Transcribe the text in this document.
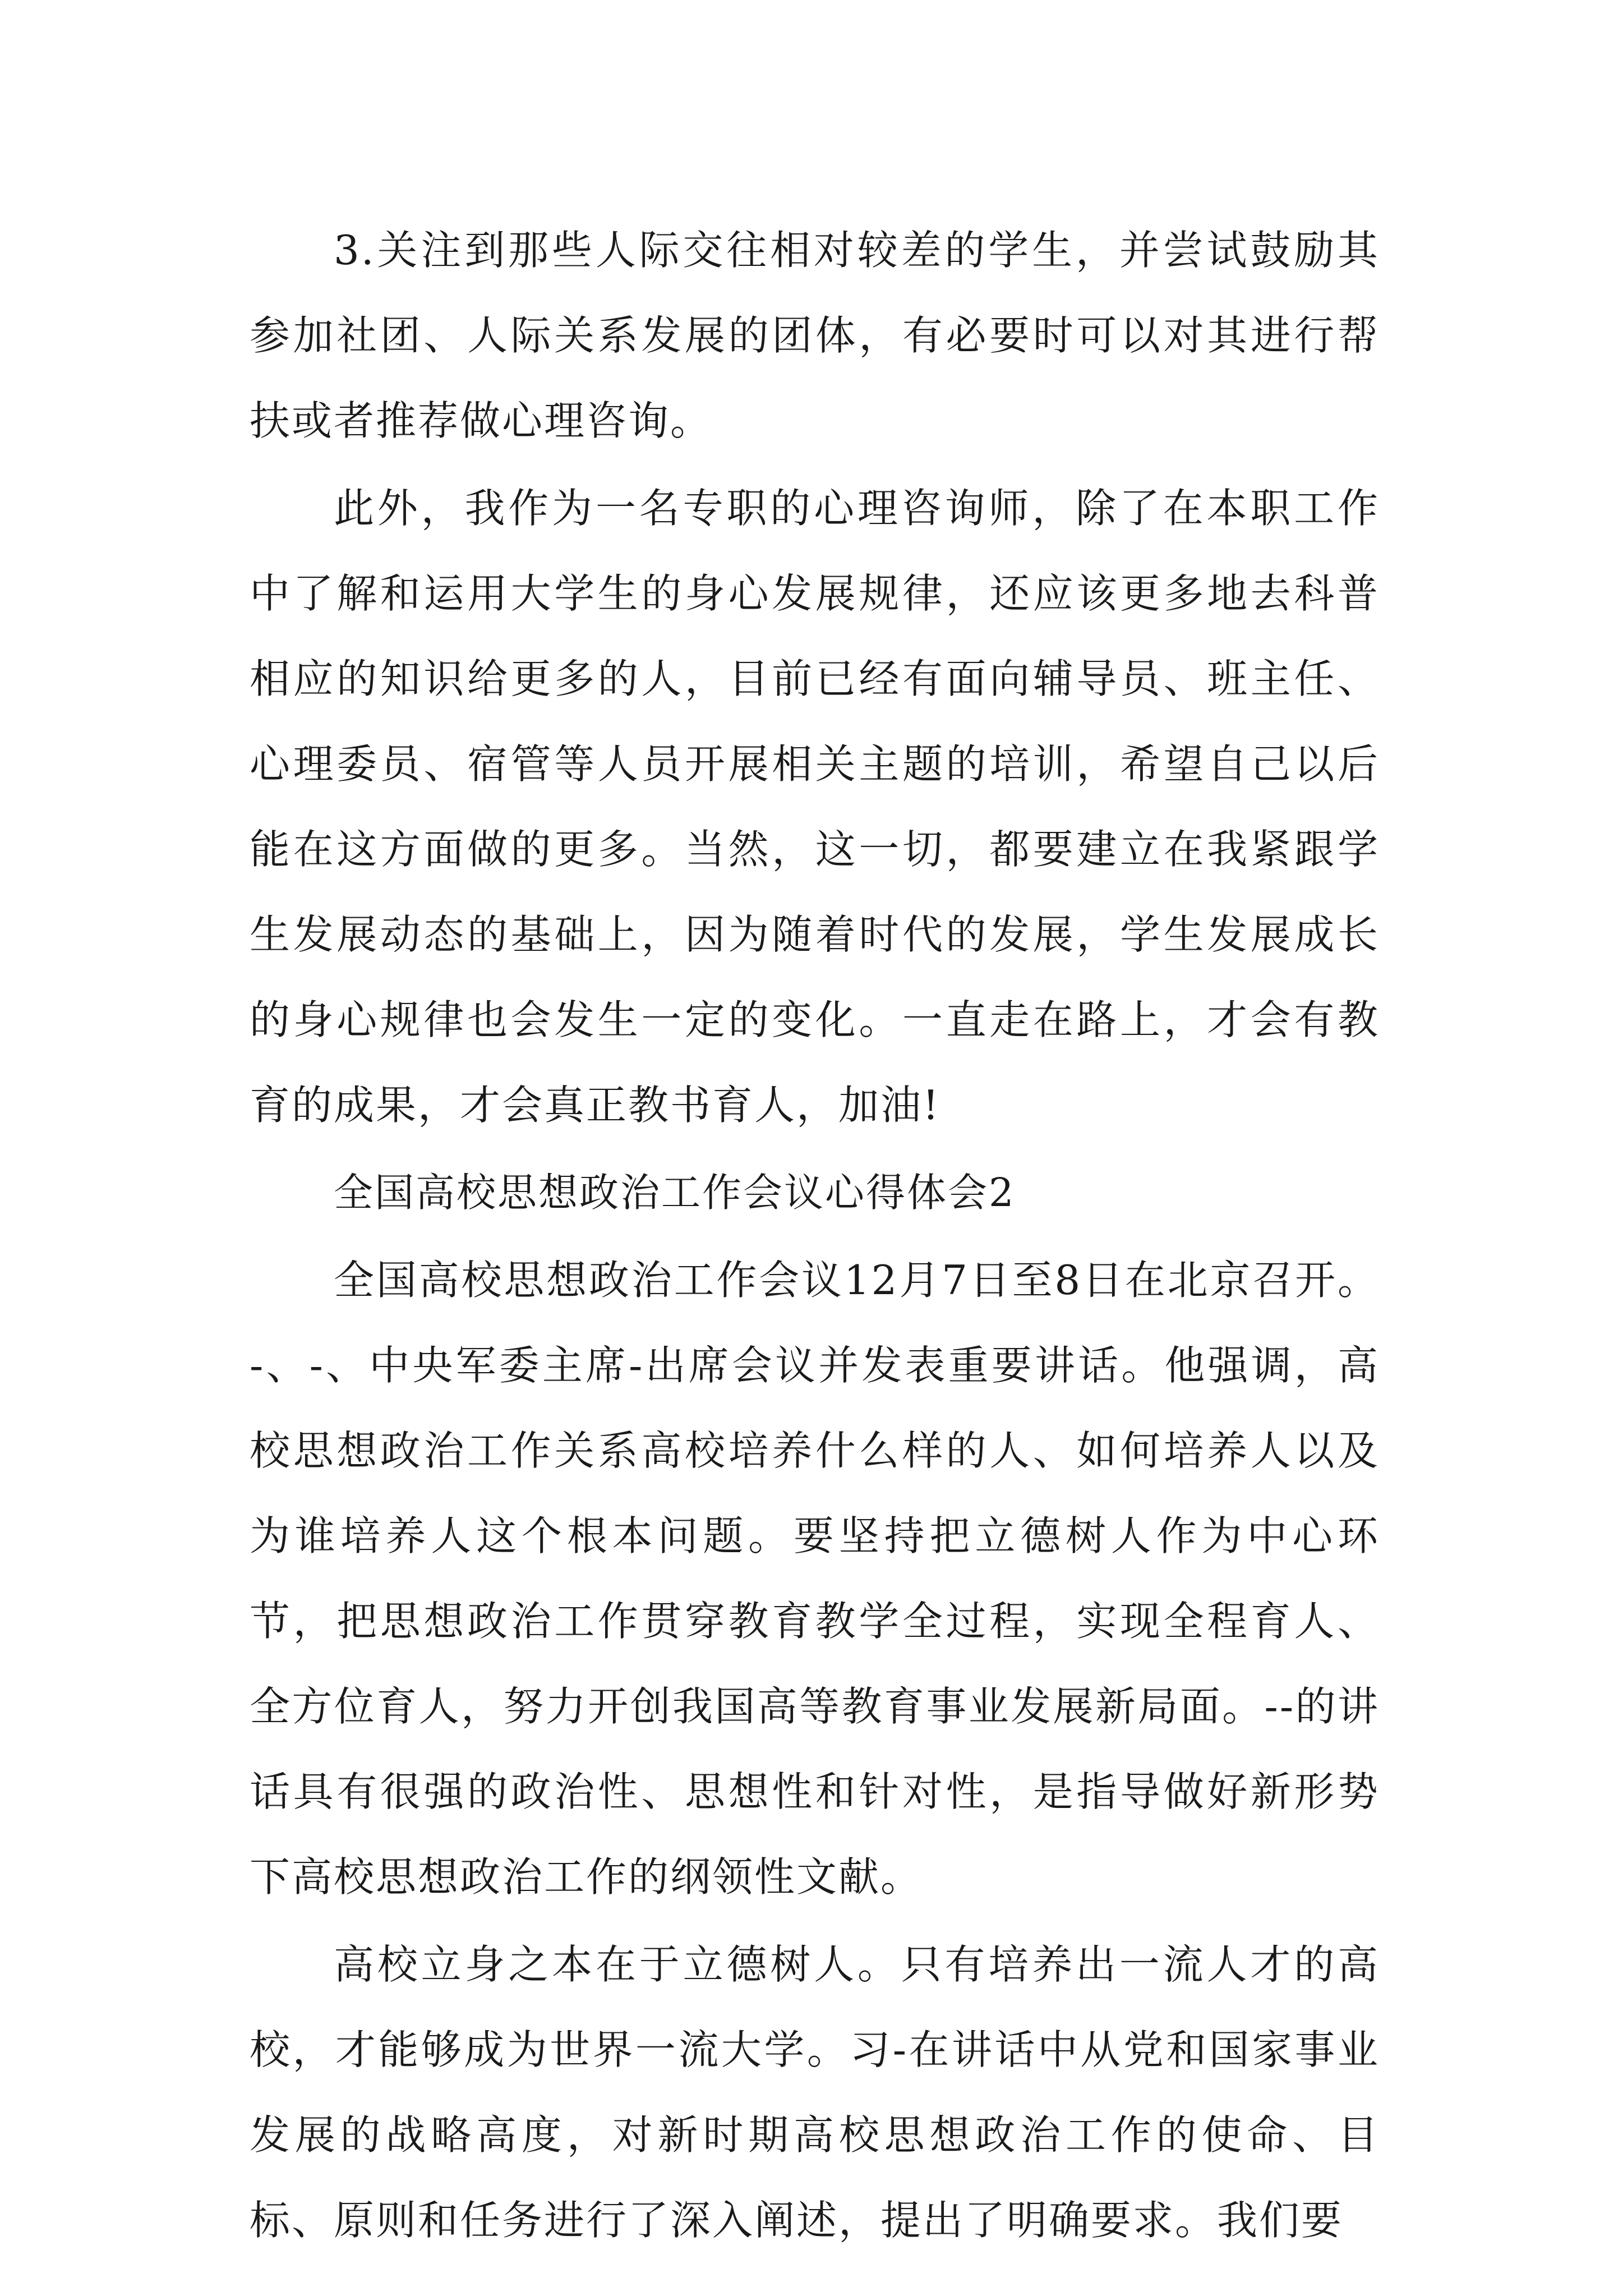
3.关注到那些人际交往相对较差的学生，并尝试鼓励其参加社团、人际关系发展的团体，有必要时可以对其进行帮扶或者推荐做心理咨询。

此外，我作为一名专职的心理咨询师，除了在本职工作中了解和运用大学生的身心发展规律，还应该更多地去科普相应的知识给更多的人，目前已经有面向辅导员、班主任、心理委员、宿管等人员开展相关主题的培训，希望自己以后能在这方面做的更多。当然，这一切，都要建立在我紧跟学生发展动态的基础上，因为随着时代的发展，学生发展成长的身心规律也会发生一定的变化。一直走在路上，才会有教育的成果，才会真正教书育人，加油!

全国高校思想政治工作会议心得体会2

全国高校思想政治工作会议12月7日至8日在北京召开。-、-、中央军委主席-出席会议并发表重要讲话。他强调，高校思想政治工作关系高校培养什么样的人、如何培养人以及为谁培养人这个根本问题。要坚持把立德树人作为中心环节，把思想政治工作贯穿教育教学全过程，实现全程育人、全方位育人，努力开创我国高等教育事业发展新局面。--的讲话具有很强的政治性、思想性和针对性，是指导做好新形势下高校思想政治工作的纲领性文献。

高校立身之本在于立德树人。只有培养出一流人才的高校，才能够成为世界一流大学。习-在讲话中从党和国家事业发展的战略高度，对新时期高校思想政治工作的使命、目标、原则和任务进行了深入阐述，提出了明确要求。我们要
